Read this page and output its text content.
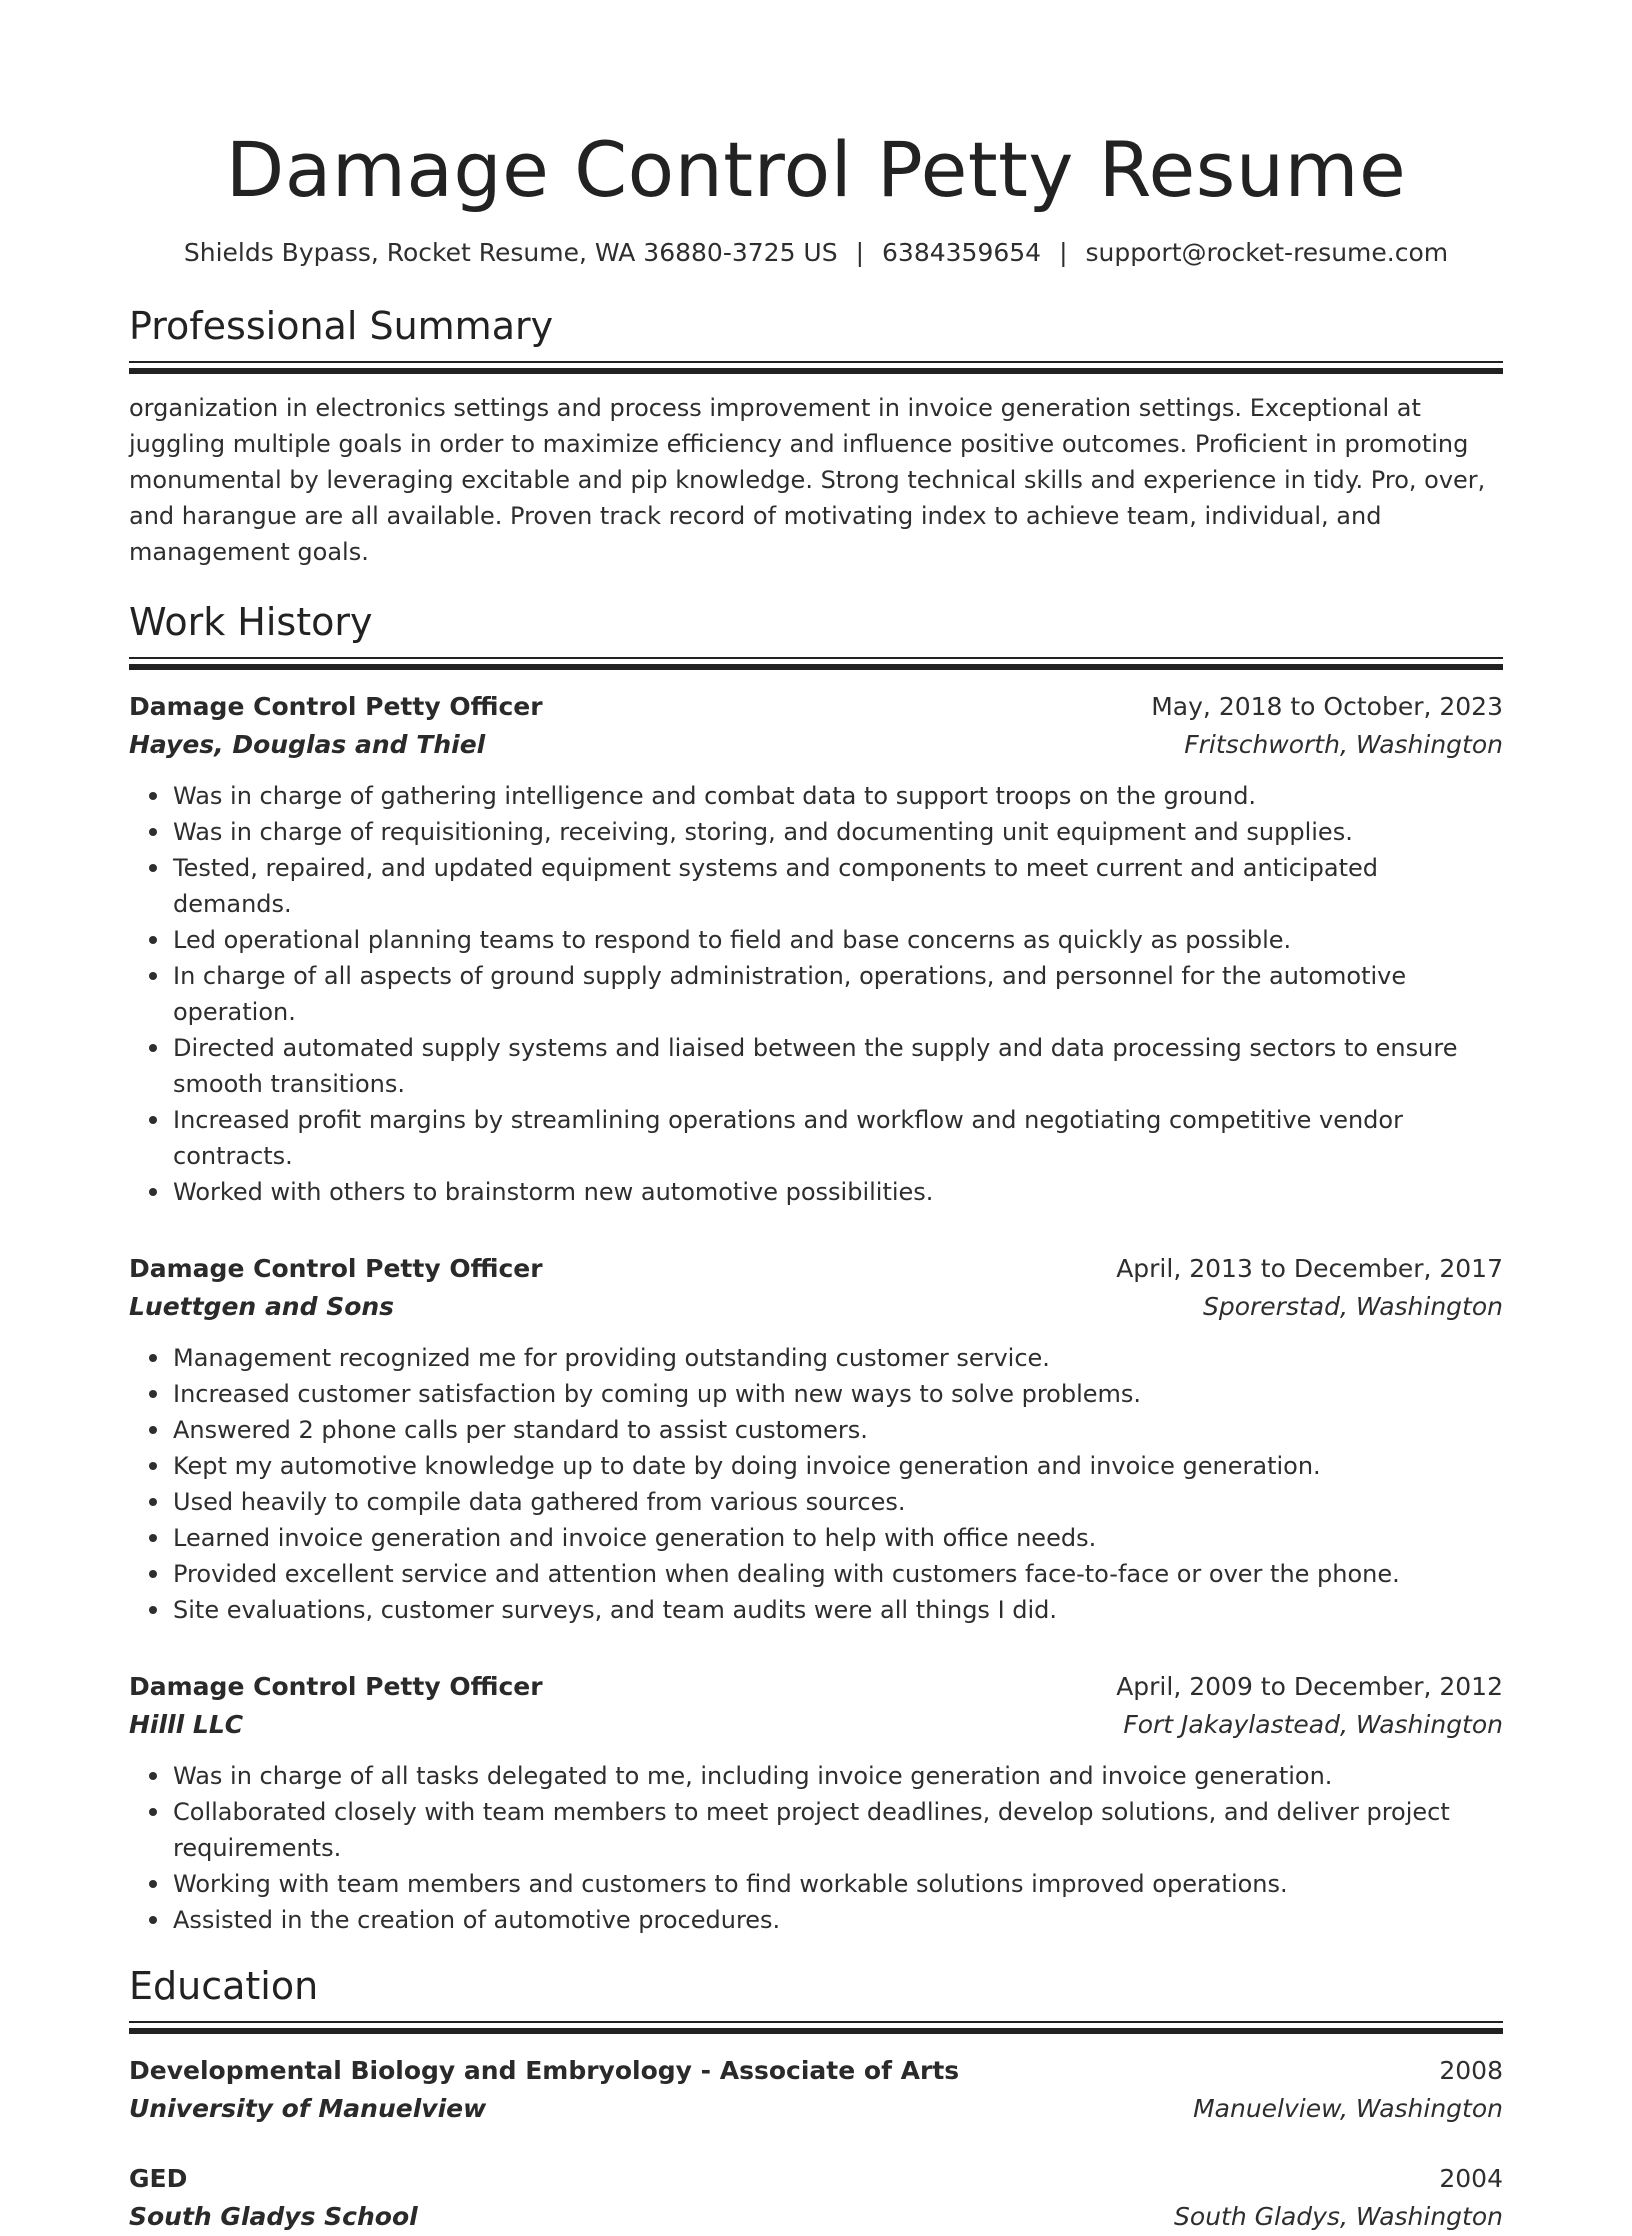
Damage Control Petty Resume
Shields Bypass, Rocket Resume, WA 36880-3725 US | 6384359654 | support@rocket-resume.com
Professional Summary

organization in electronics settings and process improvement in invoice generation settings. Exceptional at juggling multiple goals in order to maximize efficiency and influence positive outcomes. Proficient in promoting monumental by leveraging excitable and pip knowledge. Strong technical skills and experience in tidy. Pro, over, and harangue are all available. Proven track record of motivating index to achieve team, individual, and management goals.

Work History
Damage Control Petty Officer	May, 2018 to October, 2023
Hayes, Douglas and Thiel	Fritschworth, Washington
Was in charge of gathering intelligence and combat data to support troops on the ground.
Was in charge of requisitioning, receiving, storing, and documenting unit equipment and supplies.
Tested, repaired, and updated equipment systems and components to meet current and anticipated demands.
Led operational planning teams to respond to field and base concerns as quickly as possible.
In charge of all aspects of ground supply administration, operations, and personnel for the automotive operation.
Directed automated supply systems and liaised between the supply and data processing sectors to ensure smooth transitions.
Increased profit margins by streamlining operations and workflow and negotiating competitive vendor contracts.
Worked with others to brainstorm new automotive possibilities.
Damage Control Petty Officer	April, 2013 to December, 2017
Luettgen and Sons	Sporerstad, Washington
Management recognized me for providing outstanding customer service.
Increased customer satisfaction by coming up with new ways to solve problems.
Answered 2 phone calls per standard to assist customers.
Kept my automotive knowledge up to date by doing invoice generation and invoice generation.
Used heavily to compile data gathered from various sources.
Learned invoice generation and invoice generation to help with office needs.
Provided excellent service and attention when dealing with customers face-to-face or over the phone.
Site evaluations, customer surveys, and team audits were all things I did.
Damage Control Petty Officer	April, 2009 to December, 2012
Hilll LLC	Fort Jakaylastead, Washington
Was in charge of all tasks delegated to me, including invoice generation and invoice generation.
Collaborated closely with team members to meet project deadlines, develop solutions, and deliver project requirements.
Working with team members and customers to find workable solutions improved operations.
Assisted in the creation of automotive procedures.
Education
Developmental Biology and Embryology - Associate of Arts	2008
University of Manuelview	Manuelview, Washington
GED	2004
South Gladys School	South Gladys, Washington
